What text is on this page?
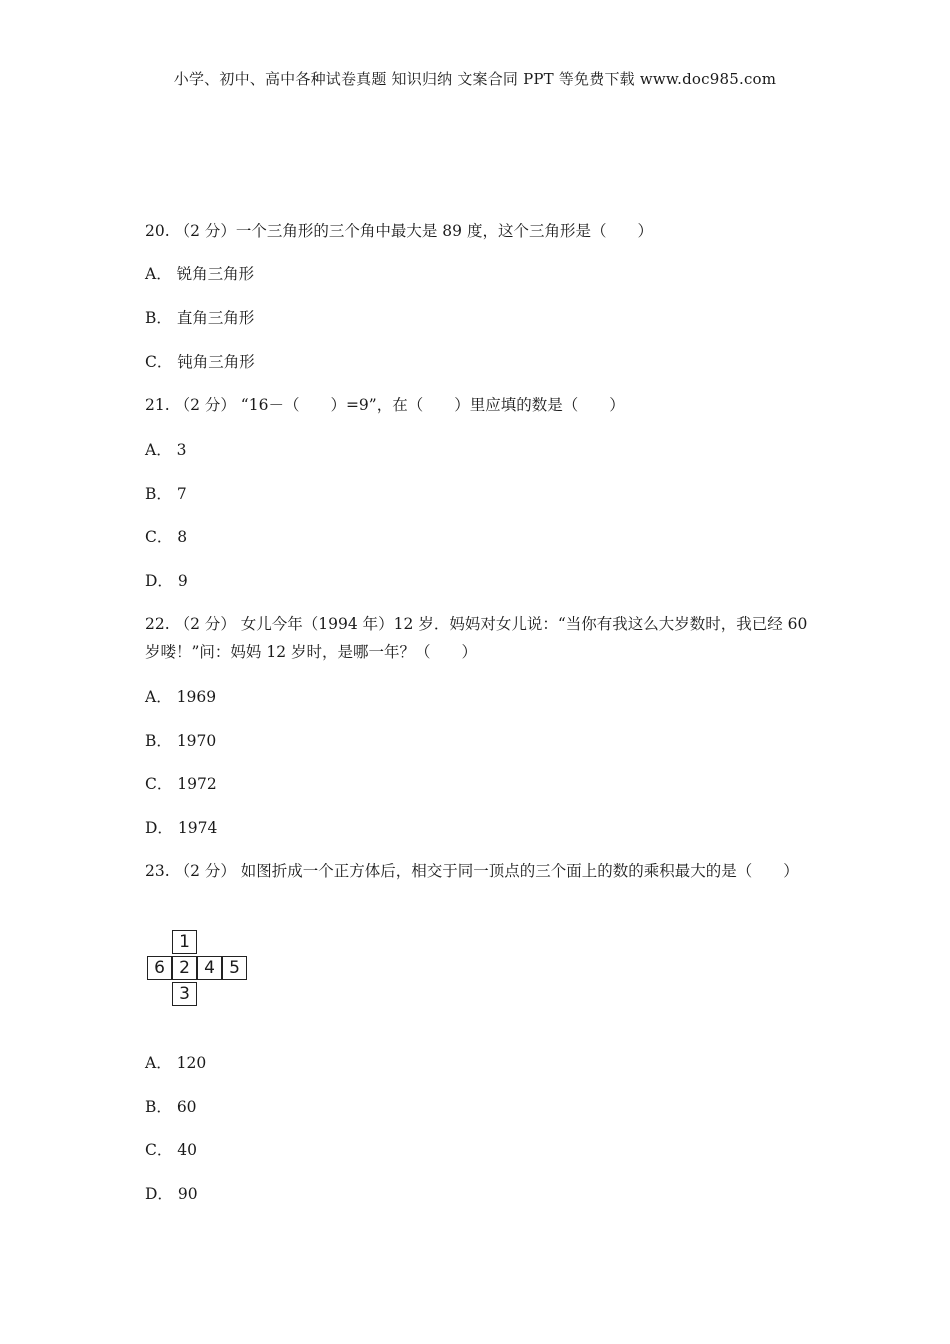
小学、初中、高中各种试卷真题 知识归纳 文案合同 PPT 等免费下载 www.doc985.com
20. （2 分）一个三角形的三个角中最大是 89 度，这个三角形是（　　）
A． 锐角三角形
B． 直角三角形
C． 钝角三角形
21. （2 分） “16－（　　）=9”，在（　　）里应填的数是（　　）
A． 3
B． 7
C． 8
D． 9
22. （2 分） 女儿今年（1994 年）12 岁．妈妈对女儿说：“当你有我这么大岁数时，我已经 60 岁喽！”问：妈妈 12 岁时，是哪一年？（　　）
A． 1969
B． 1970
C． 1972
D． 1974
23. （2 分） 如图折成一个正方体后，相交于同一顶点的三个面上的数的乘积最大的是（　　）
1
6 2 4 5
3
A． 120
B． 60
C． 40
D． 90
